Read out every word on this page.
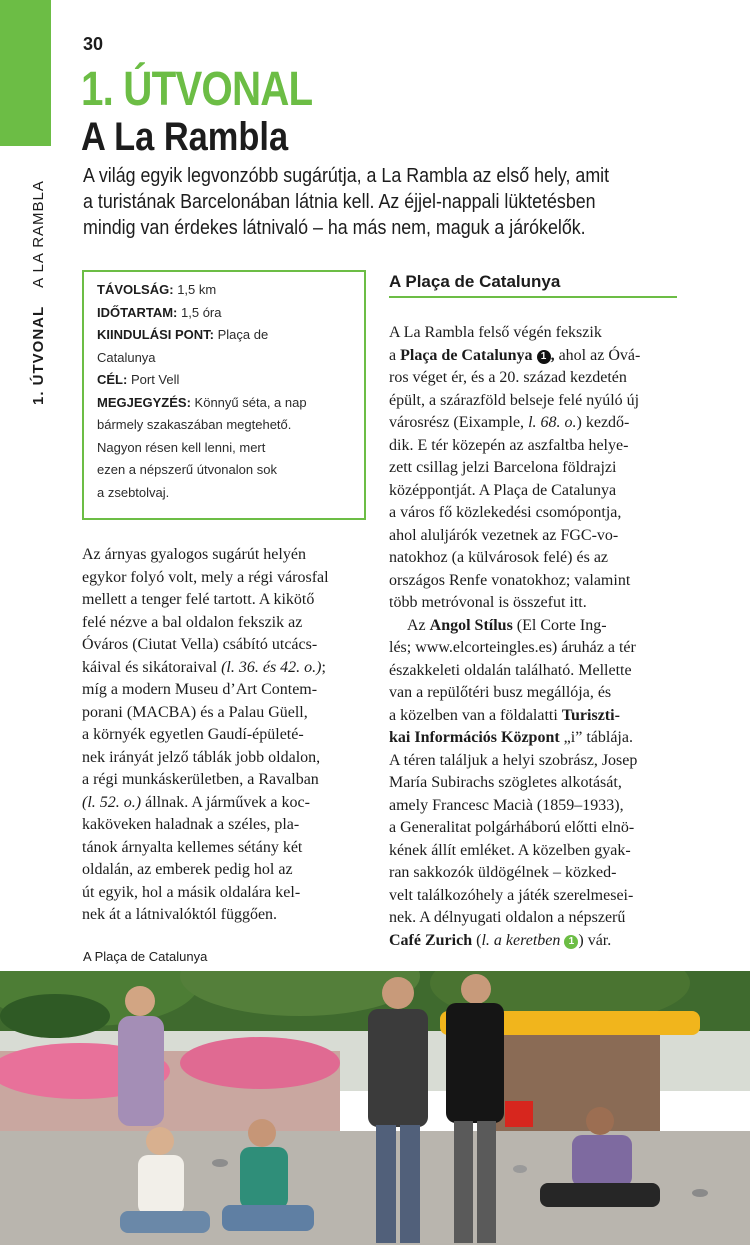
1. ÚTVONALA LA RAMBLA
30
1. ÚTVONAL
A La Rambla
A világ egyik legvonzóbb sugárútja, a La Rambla az első hely, amit
a turistának Barcelonában látnia kell. Az éjjel-nappali lüktetésben
mindig van érdekes látnivaló – ha más nem, maguk a járókelők.
TÁVOLSÁG: 1,5 km
IDŐTARTAM: 1,5 óra
KIINDULÁSI PONT: Plaça de
Catalunya
CÉL: Port Vell
MEGJEGYZÉS: Könnyű séta, a nap
bármely szakaszában megtehető.
Nagyon résen kell lenni, mert
ezen a népszerű útvonalon sok
a zsebtolvaj.
Az árnyas gyalogos sugárút helyén
egykor folyó volt, mely a régi városfal
mellett a tenger felé tartott. A kikötő
felé nézve a bal oldalon fekszik az
Óváros (Ciutat Vella) csábító utcács-
káival és sikátoraival (l. 36. és 42. o.);
míg a modern Museu d’Art Contem-
porani (MACBA) és a Palau Güell,
a környék egyetlen Gaudí-épületé-
nek irányát jelző táblák jobb oldalon,
a régi munkáskerületben, a Ravalban
(l. 52. o.) állnak. A járművek a koc-
kaköveken haladnak a széles, pla-
tánok árnyalta kellemes sétány két
oldalán, az emberek pedig hol az
út egyik, hol a másik oldalára kel-
nek át a látnivalóktól függően.
A Plaça de Catalunya
A La Rambla felső végén fekszik
a Plaça de Catalunya 1 , ahol az Óvá-
ros véget ér, és a 20. század kezdetén
épült, a szárazföld belseje felé nyúló új
városrész (Eixample, l. 68. o.) kezdő-
dik. E tér közepén az aszfaltba helye-
zett csillag jelzi Barcelona földrajzi
középpontját. A Plaça de Catalunya
a város fő közlekedési csomópontja,
ahol aluljárók vezetnek az FGC-vo-
natokhoz (a külvárosok felé) és az
országos Renfe vonatokhoz; valamint
több metróvonal is összefut itt.
Az Angol Stílus (El Corte Ing-
lés; www.elcorteingles.es) áruház a tér
északkeleti oldalán található. Mellette
van a repülőtéri busz megállója, és
a közelben van a földalatti Turiszti-
kai Információs Központ „i” táblája.
A téren találjuk a helyi szobrász, Josep
María Subirachs szögletes alkotását,
amely Francesc Macià (1859–1933),
a Generalitat polgárháború előtti elnö-
kének állít emléket. A közelben gyak-
ran sakkozók üldögélnek – közked-
velt találkozóhely a játék szerelmesei-
nek. A délnyugati oldalon a népszerű
Café Zurich (l. a keretben 1 ) vár.
A Plaça de Catalunya
